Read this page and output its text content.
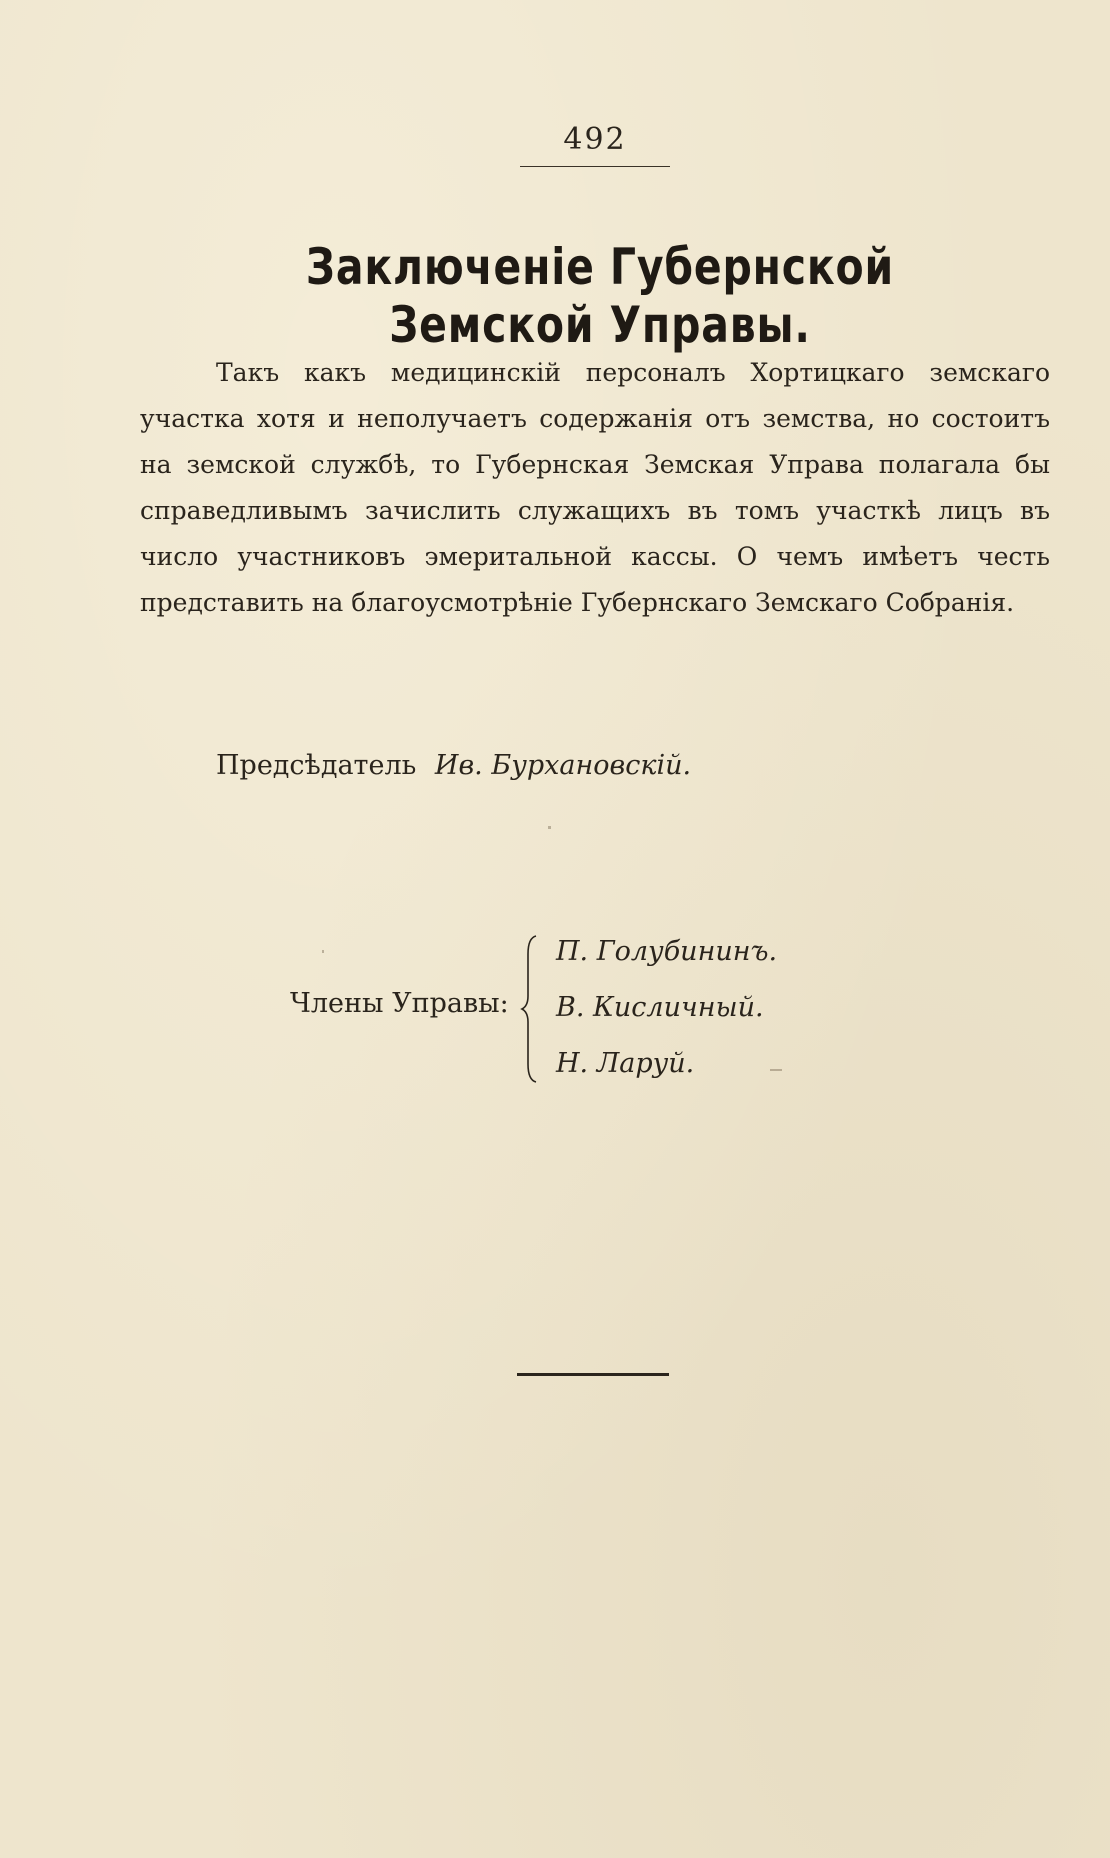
492
Заключенiе Губернской Земской Управы.

Такъ какъ медицинскiй персоналъ Хортицкаго земскаго участка хотя и неполучаетъ содержанiя отъ земства, но состоитъ на земской службѣ, то Губернская Земская Управа полагала бы справедливымъ зачислить служащихъ въ томъ участкѣ лицъ въ число участниковъ эмеритальной кассы. О чемъ имѣетъ честь представить на благоусмотрѣнiе Губернскаго Земскаго Собранiя.

Предсѣдатель Ив. Бурхановскiй.
Члены Управы:
П. Голубининъ.
В. Кисличный.
Н. Ларуй.
